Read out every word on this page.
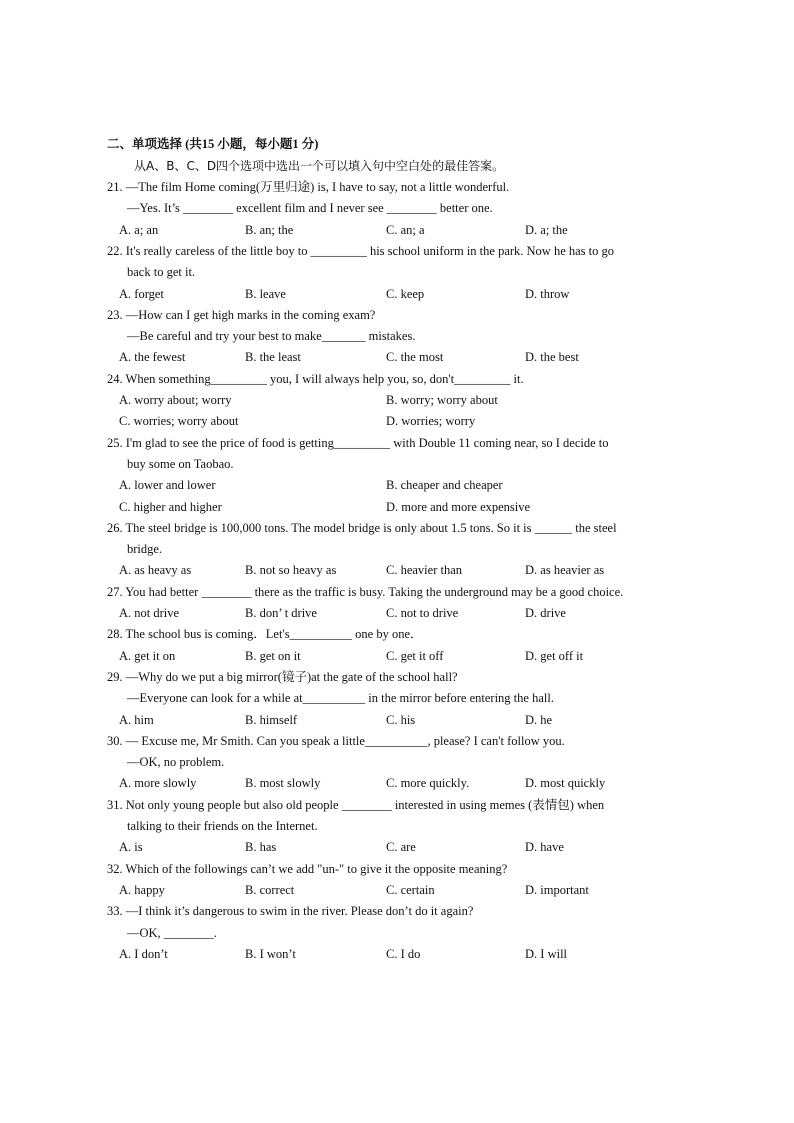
二、单项选择 (共15 小题，每小题1 分)
从A、B、C、D四个选项中选出一个可以填入句中空白处的最佳答案。
21. —The film Home coming(万里归途) is, I have to say, not a little wonderful.
—Yes. It’s ________ excellent film and I never see ________ better one.
A. a; an	B. an; the	C. an; a	D. a; the
22. It's really careless of the little boy to _________ his school uniform in the park. Now he has to go
back to get it.
A. forget	B. leave	C. keep	D. throw
23. —How can I get high marks in the coming exam?
—Be careful and try your best to make_______ mistakes.
A. the fewest	B. the least	C. the most	D. the best
24. When something_________ you, I will always help you, so, don't_________ it.
A. worry about; worry	B. worry; worry about
C. worries; worry about	D. worries; worry
25. I'm glad to see the price of food is getting_________ with Double 11 coming near, so I decide to
buy some on Taobao.
A. lower and lower	B. cheaper and cheaper
C. higher and higher	D. more and more expensive
26. The steel bridge is 100,000 tons. The model bridge is only about 1.5 tons. So it is ______ the steel
bridge.
A. as heavy as	B. not so heavy as	C. heavier than	D. as heavier as
27. You had better ________ there as the traffic is busy. Taking the underground may be a good choice.
A. not drive	B. don’ t drive	C. not to drive	D. drive
28. The school bus is coming．Let's__________ one by one．
A. get it on	B. get on it	C. get it off	D. get off it
29. —Why do we put a big mirror(镜子)at the gate of the school hall?
—Everyone can look for a while at__________ in the mirror before entering the hall.
A. him	B. himself	C. his	D. he
30. — Excuse me, Mr Smith. Can you speak a little__________, please? I can't follow you.
—OK, no problem.
A. more slowly	B. most slowly	C. more quickly.	D. most quickly
31. Not only young people but also old people ________ interested in using memes (表情包) when
talking to their friends on the Internet.
A. is	B. has	C. are	D. have
32. Which of the followings can’t we add "un-" to give it the opposite meaning?
A. happy	B. correct	C. certain	D. important
33. —I think it’s dangerous to swim in the river. Please don’t do it again?
—OK, ________.
A. I don’t	B. I won’t	C. I do	D. I will
